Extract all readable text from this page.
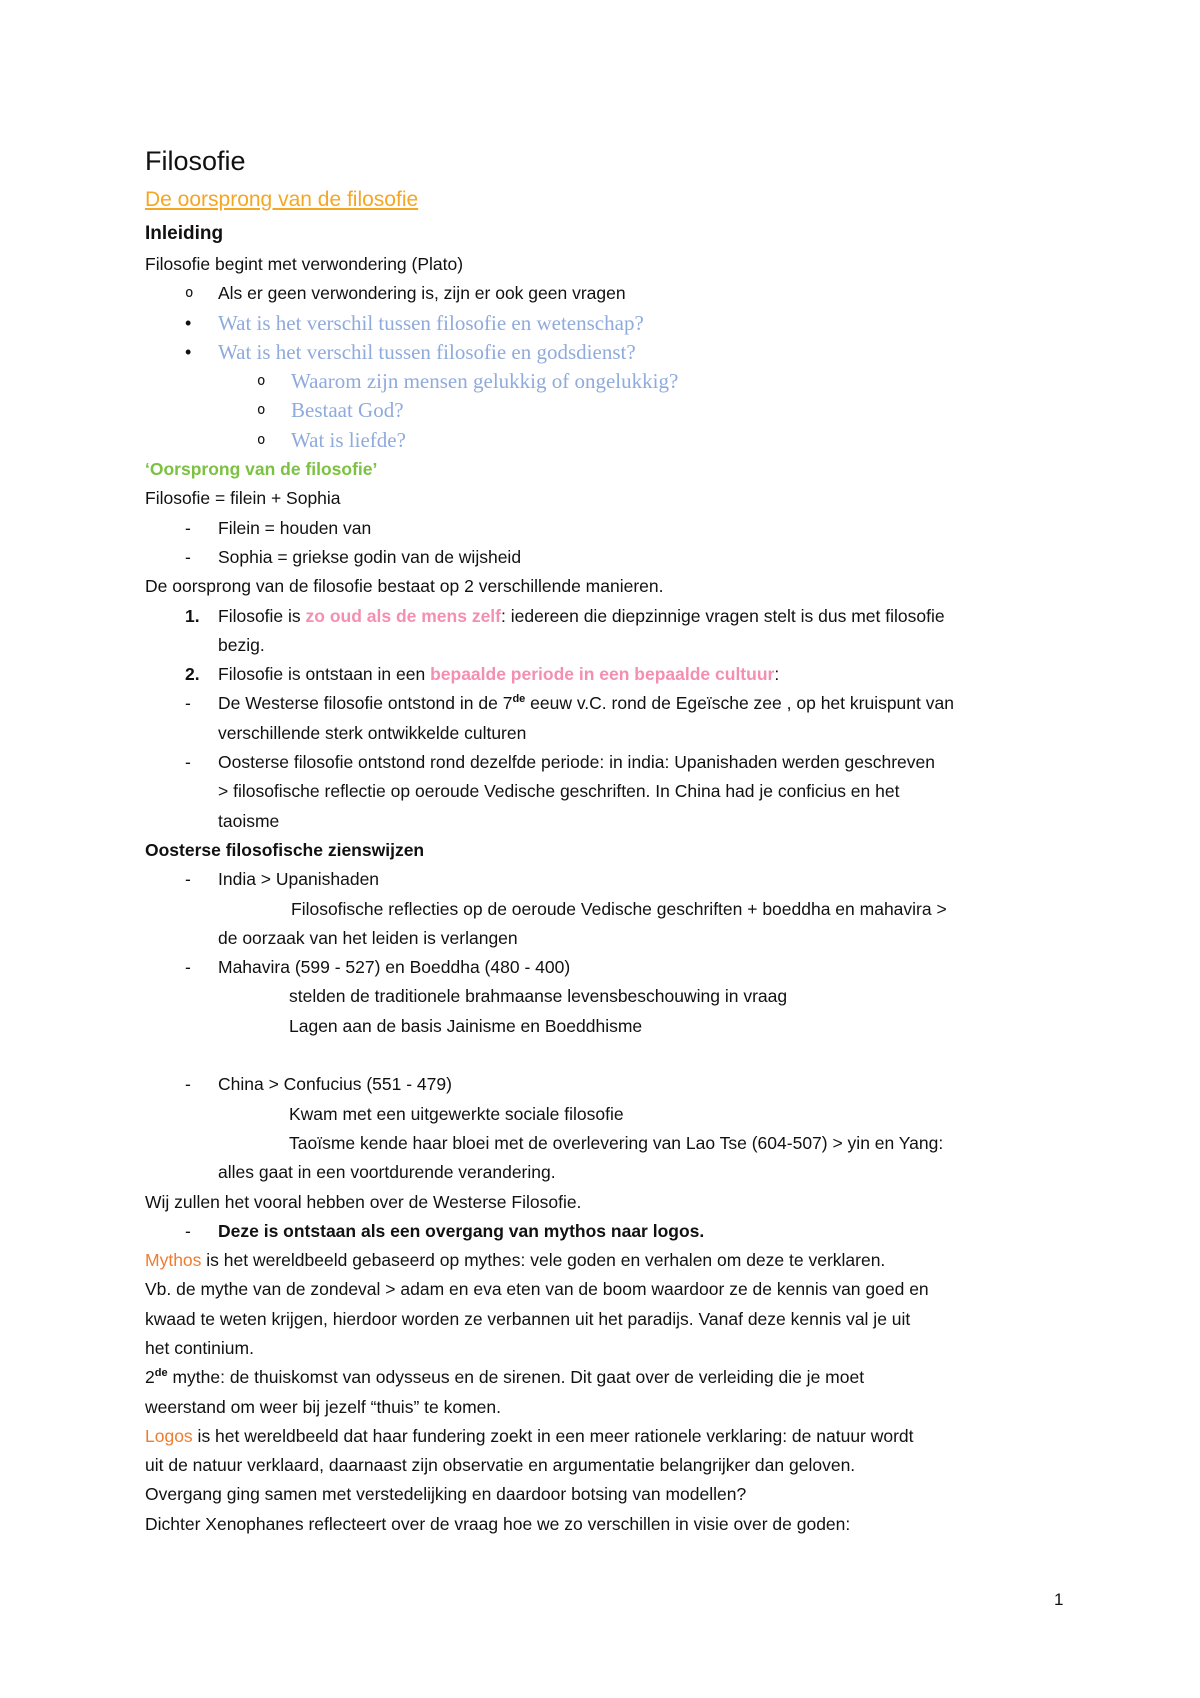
Filosofie
De oorsprong van de filosofie
Inleiding
Filosofie begint met verwondering (Plato)
o Als er geen verwondering is, zijn er ook geen vragen
• Wat is het verschil tussen filosofie en wetenschap?
• Wat is het verschil tussen filosofie en godsdienst?
o Waarom zijn mensen gelukkig of ongelukkig?
o Bestaat God?
o Wat is liefde?
‘Oorsprong van de filosofie’
Filosofie = filein + Sophia
- Filein = houden van
- Sophia = griekse godin van de wijsheid
De oorsprong van de filosofie bestaat op 2 verschillende manieren.
1. Filosofie is zo oud als de mens zelf: iedereen die diepzinnige vragen stelt is dus met filosofie
bezig.
2. Filosofie is ontstaan in een bepaalde periode in een bepaalde cultuur:
- De Westerse filosofie ontstond in de 7de eeuw v.C. rond de Egeïsche zee , op het kruispunt van
verschillende sterk ontwikkelde culturen
- Oosterse filosofie ontstond rond dezelfde periode: in india: Upanishaden werden geschreven
> filosofische reflectie op oeroude Vedische geschriften. In China had je conficius en het
taoisme
Oosterse filosofische zienswijzen
- India > Upanishaden
Filosofische reflecties op de oeroude Vedische geschriften + boeddha en mahavira >
de oorzaak van het leiden is verlangen
- Mahavira (599 - 527) en Boeddha (480 - 400)
stelden de traditionele brahmaanse levensbeschouwing in vraag
Lagen aan de basis Jainisme en Boeddhisme
- China > Confucius (551 - 479)
Kwam met een uitgewerkte sociale filosofie
Taoïsme kende haar bloei met de overlevering van Lao Tse (604-507) > yin en Yang:
alles gaat in een voortdurende verandering.
Wij zullen het vooral hebben over de Westerse Filosofie.
- Deze is ontstaan als een overgang van mythos naar logos.
Mythos is het wereldbeeld gebaseerd op mythes: vele goden en verhalen om deze te verklaren.
Vb. de mythe van de zondeval > adam en eva eten van de boom waardoor ze de kennis van goed en
kwaad te weten krijgen, hierdoor worden ze verbannen uit het paradijs. Vanaf deze kennis val je uit
het continium.
2de mythe: de thuiskomst van odysseus en de sirenen. Dit gaat over de verleiding die je moet
weerstand om weer bij jezelf “thuis” te komen.
Logos is het wereldbeeld dat haar fundering zoekt in een meer rationele verklaring: de natuur wordt
uit de natuur verklaard, daarnaast zijn observatie en argumentatie belangrijker dan geloven.
Overgang ging samen met verstedelijking en daardoor botsing van modellen?
Dichter Xenophanes reflecteert over de vraag hoe we zo verschillen in visie over de goden:
1
